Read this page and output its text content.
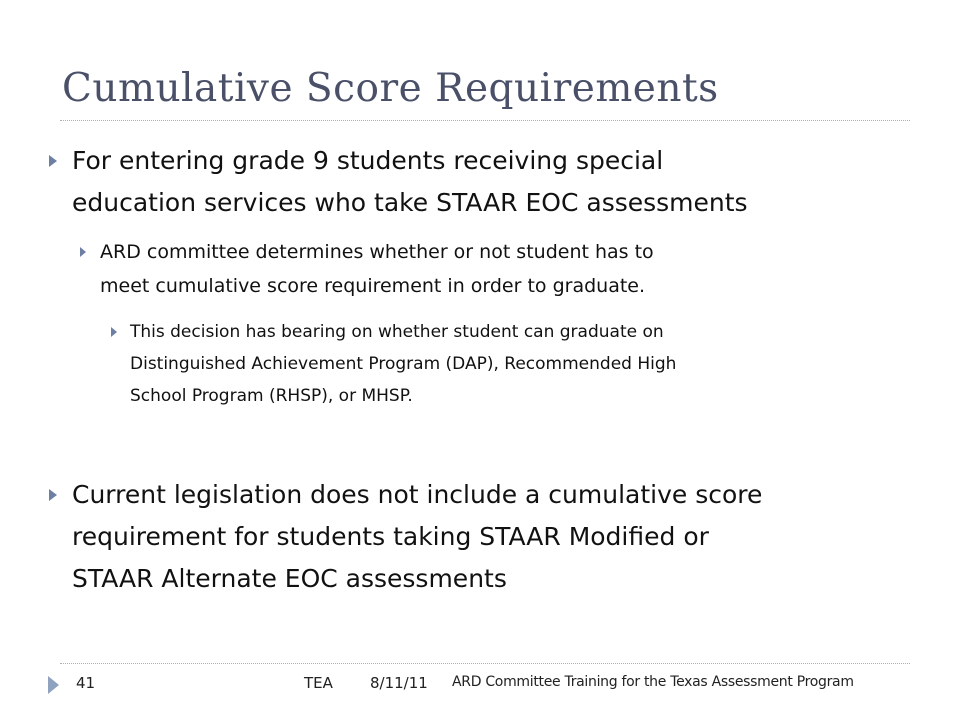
Cumulative Score Requirements
For entering grade 9 students receiving special
education services who take STAAR EOC assessments
ARD committee determines whether or not student has to
meet cumulative score requirement in order to graduate.
This decision has bearing on whether student can graduate on
Distinguished Achievement Program (DAP), Recommended High
School Program (RHSP), or MHSP.
Current legislation does not include a cumulative score
requirement for students taking STAAR Modified or
STAAR Alternate EOC assessments
41	TEA 8/11/11 ARD Committee Training for the Texas Assessment Program
